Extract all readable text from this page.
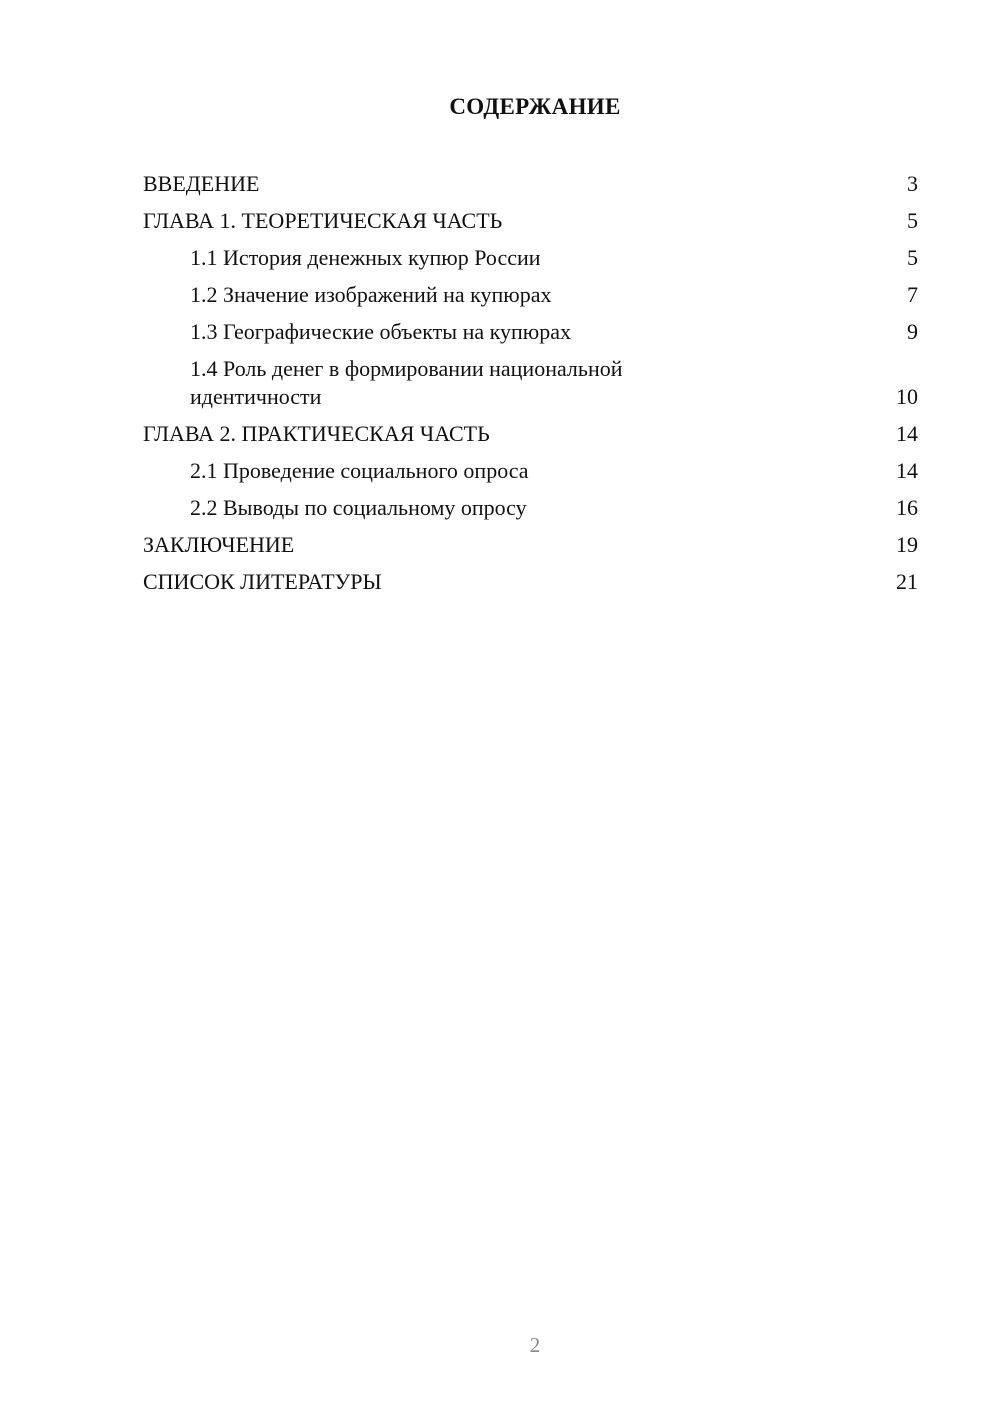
СОДЕРЖАНИЕ
ВВЕДЕНИЕ	3
ГЛАВА 1. ТЕОРЕТИЧЕСКАЯ ЧАСТЬ	5
1.1 История денежных купюр России	5
1.2 Значение изображений на купюрах	7
1.3 Географические объекты на купюрах	9
1.4 Роль денег в формировании национальной идентичности	10
ГЛАВА 2. ПРАКТИЧЕСКАЯ ЧАСТЬ	14
2.1 Проведение социального опроса	14
2.2 Выводы по социальному опросу	16
ЗАКЛЮЧЕНИЕ	19
СПИСОК ЛИТЕРАТУРЫ	21
2
